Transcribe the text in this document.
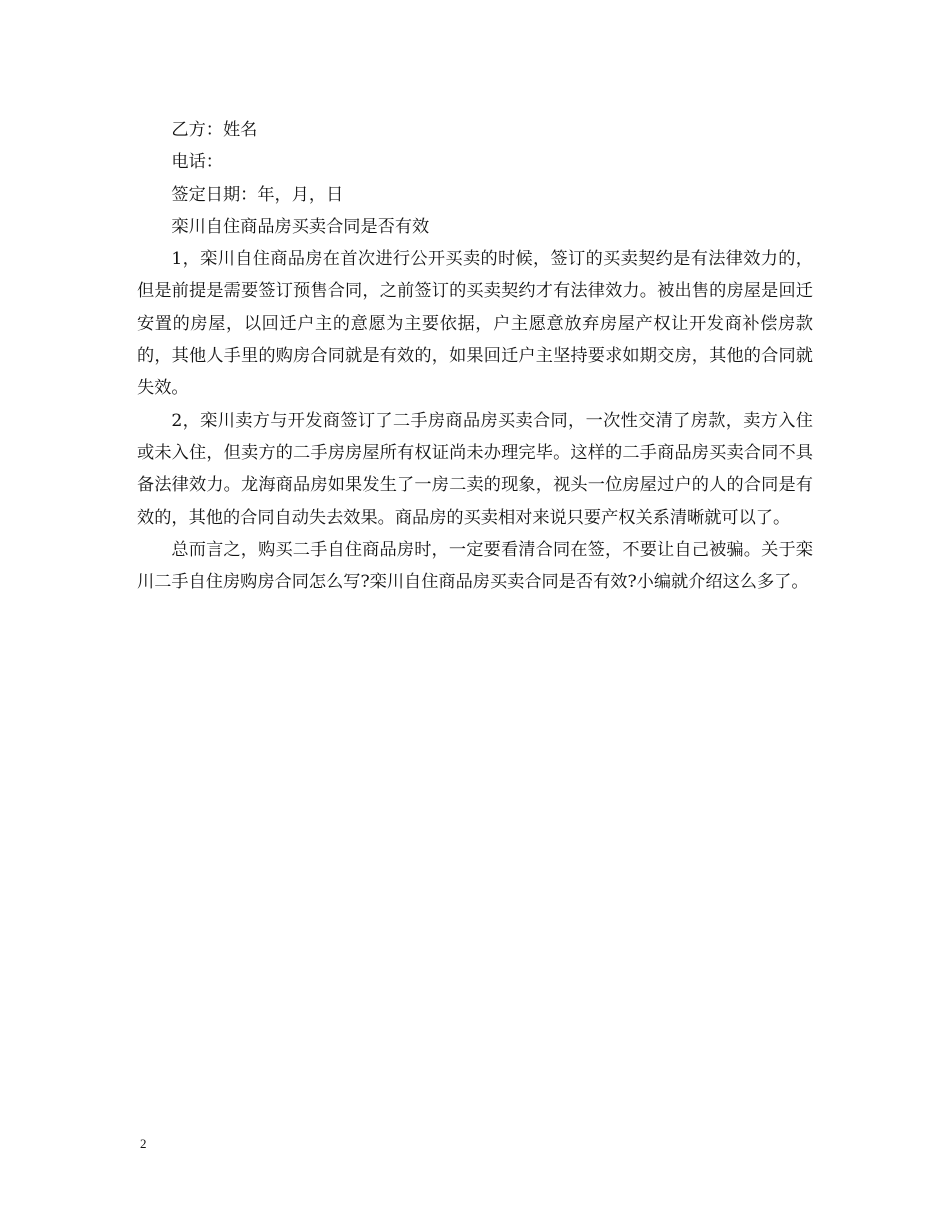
乙方：姓名

电话：

签定日期：年，月，日

栾川自住商品房买卖合同是否有效

1，栾川自住商品房在首次进行公开买卖的时候，签订的买卖契约是有法律效力的，但是前提是需要签订预售合同，之前签订的买卖契约才有法律效力。被出售的房屋是回迁安置的房屋，以回迁户主的意愿为主要依据，户主愿意放弃房屋产权让开发商补偿房款的，其他人手里的购房合同就是有效的，如果回迁户主坚持要求如期交房，其他的合同就失效。

2，栾川卖方与开发商签订了二手房商品房买卖合同，一次性交清了房款，卖方入住或未入住，但卖方的二手房房屋所有权证尚未办理完毕。这样的二手商品房买卖合同不具备法律效力。龙海商品房如果发生了一房二卖的现象，视头一位房屋过户的人的合同是有效的，其他的合同自动失去效果。商品房的买卖相对来说只要产权关系清晰就可以了。

总而言之，购买二手自住商品房时，一定要看清合同在签，不要让自己被骗。关于栾川二手自住房购房合同怎么写?栾川自住商品房买卖合同是否有效?小编就介绍这么多了。

2
